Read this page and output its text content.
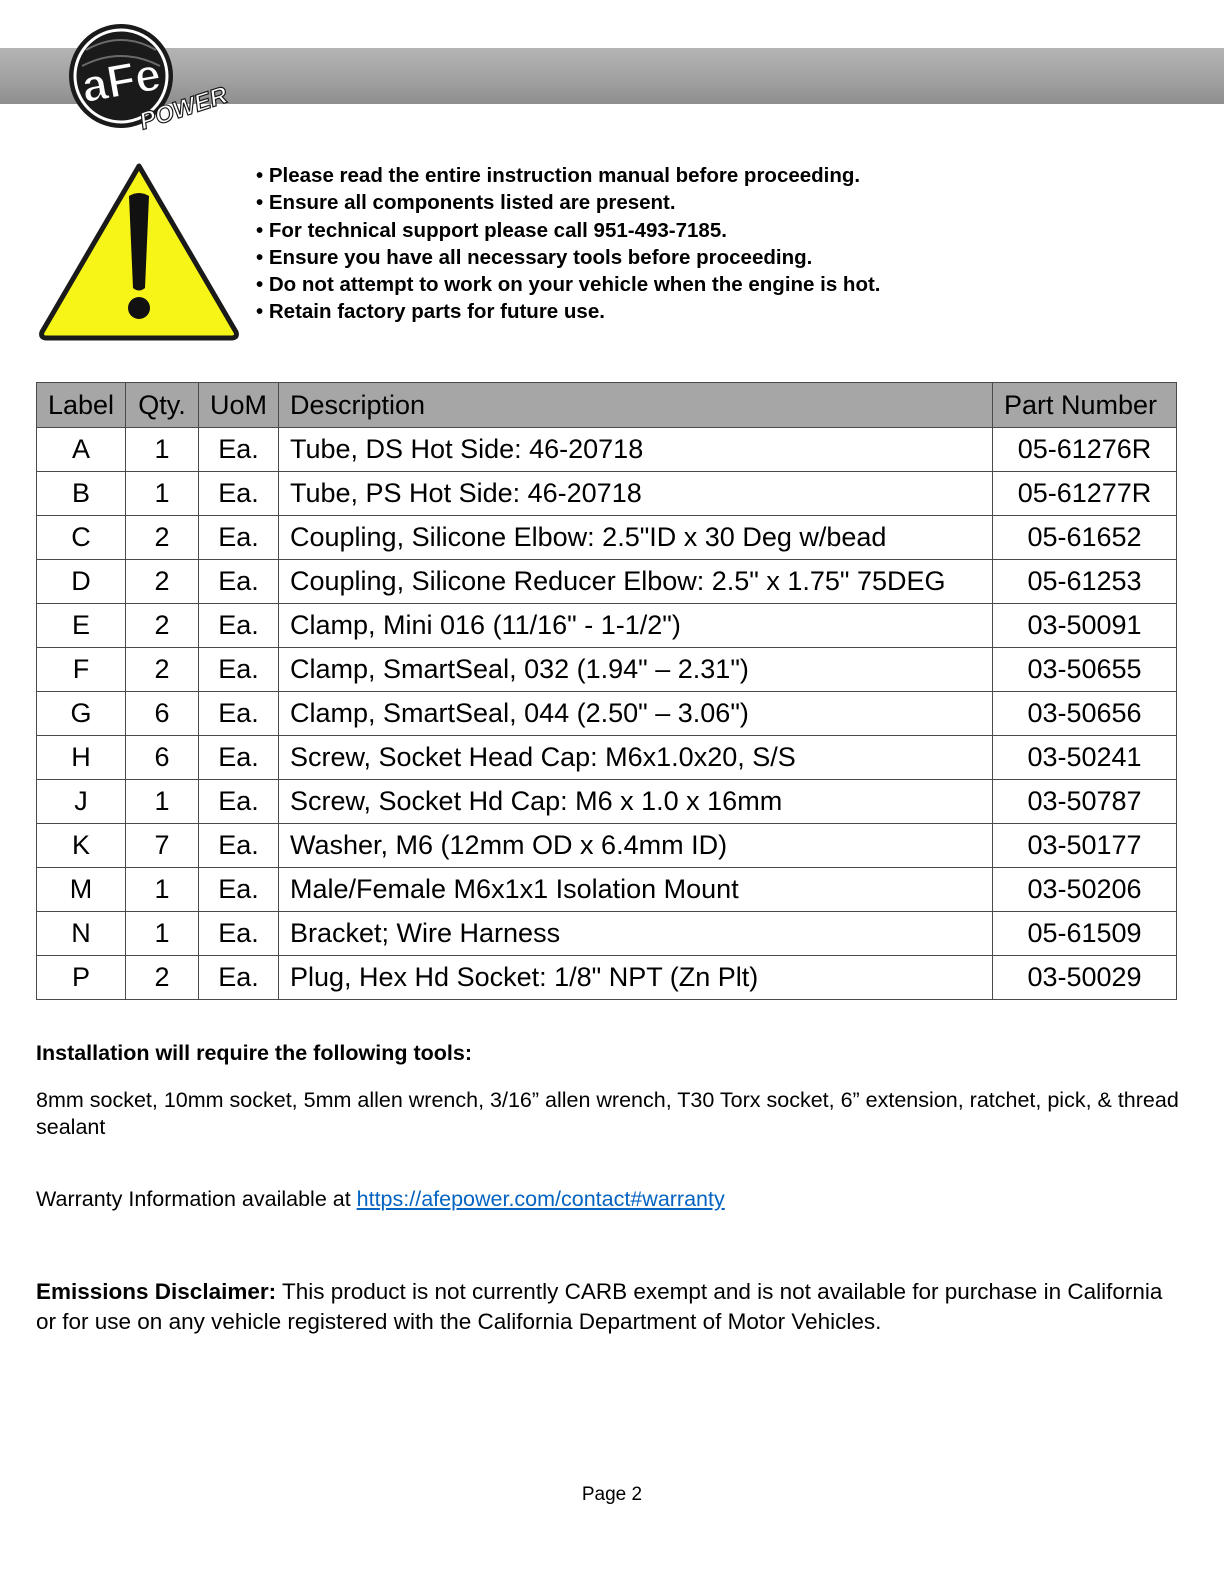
aFe
POWER
• Please read the entire instruction manual before proceeding.
• Ensure all components listed are present.
• For technical support please call 951-493-7185.
• Ensure you have all necessary tools before proceeding.
• Do not attempt to work on your vehicle when the engine is hot.
• Retain factory parts for future use.
Label	Qty.	UoM	Description	Part Number
A	1	Ea.	Tube, DS Hot Side: 46-20718	05-61276R
B	1	Ea.	Tube, PS Hot Side: 46-20718	05-61277R
C	2	Ea.	Coupling, Silicone Elbow: 2.5"ID x 30 Deg w/bead	05-61652
D	2	Ea.	Coupling, Silicone Reducer Elbow: 2.5" x 1.75" 75DEG	05-61253
E	2	Ea.	Clamp, Mini 016 (11/16" - 1-1/2")	03-50091
F	2	Ea.	Clamp, SmartSeal, 032 (1.94" – 2.31")	03-50655
G	6	Ea.	Clamp, SmartSeal, 044 (2.50" – 3.06")	03-50656
H	6	Ea.	Screw, Socket Head Cap: M6x1.0x20, S/S	03-50241
J	1	Ea.	Screw, Socket Hd Cap: M6 x 1.0 x 16mm	03-50787
K	7	Ea.	Washer, M6 (12mm OD x 6.4mm ID)	03-50177
M	1	Ea.	Male/Female M6x1x1 Isolation Mount	03-50206
N	1	Ea.	Bracket; Wire Harness	05-61509
P	2	Ea.	Plug, Hex Hd Socket: 1/8" NPT (Zn Plt)	03-50029
Installation will require the following tools:
8mm socket, 10mm socket, 5mm allen wrench, 3/16” allen wrench, T30 Torx socket, 6” extension, ratchet, pick, & thread sealant
Warranty Information available at https://afepower.com/contact#warranty
Emissions Disclaimer: This product is not currently CARB exempt and is not available for purchase in California or for use on any vehicle registered with the California Department of Motor Vehicles.
Page 2
